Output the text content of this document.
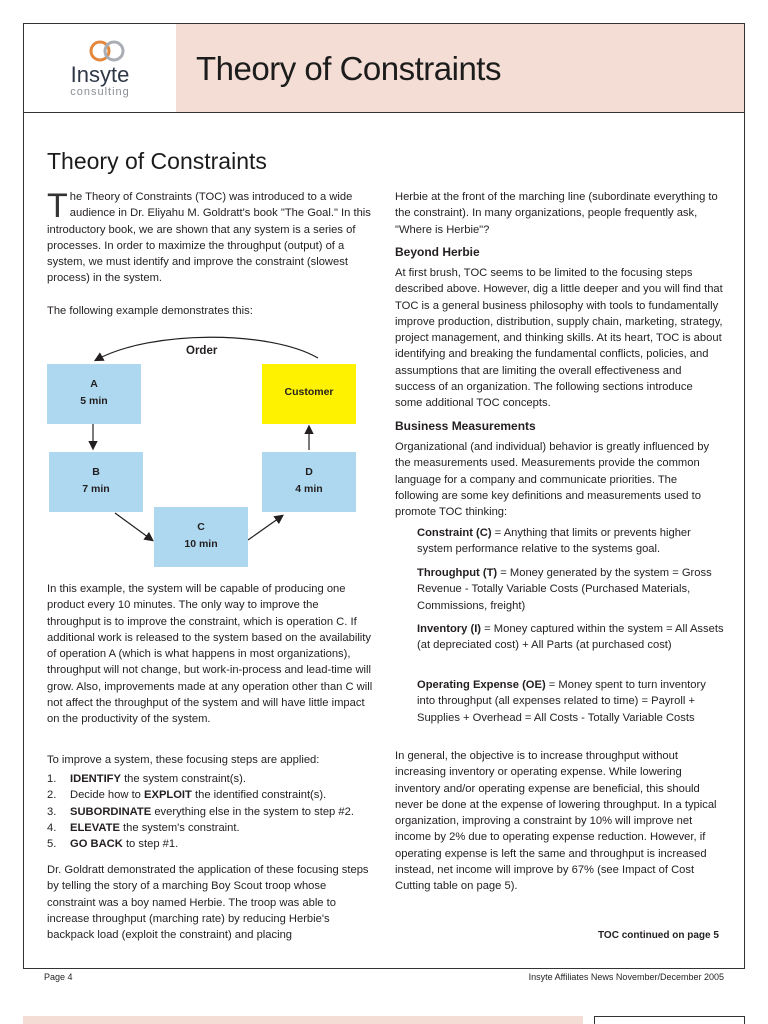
Insyte
consulting
Theory of Constraints
Theory of Constraints

The Theory of Constraints (TOC) was introduced to a wide audience in Dr. Eliyahu M. Goldratt's book "The Goal." In this introductory book, we are shown that any system is a series of processes. In order to maximize the throughput (output) of a system, we must identify and improve the constraint (slowest process) in the system.

The following example demonstrates this:

Order
A
5 min
Customer
B
7 min
D
4 min
C
10 min

In this example, the system will be capable of producing one product every 10 minutes. The only way to improve the throughput is to improve the constraint, which is operation C. If additional work is released to the system based on the availability of operation A (which is what happens in most organizations), throughput will not change, but work-in-process and lead-time will grow. Also, improvements made at any operation other than C will not affect the throughput of the system and will have little impact on the productivity of the system.

To improve a system, these focusing steps are applied:

1. IDENTIFY the system constraint(s).
2. Decide how to EXPLOIT the identified constraint(s).
3. SUBORDINATE everything else in the system to step #2.
4. ELEVATE the system's constraint.
5. GO BACK to step #1.

Dr. Goldratt demonstrated the application of these focusing steps by telling the story of a marching Boy Scout troop whose constraint was a boy named Herbie. The troop was able to increase throughput (marching rate) by reducing Herbie's backpack load (exploit the constraint) and placing

Herbie at the front of the marching line (subordinate everything to the constraint). In many organizations, people frequently ask, "Where is Herbie"?

Beyond Herbie

At first brush, TOC seems to be limited to the focusing steps described above. However, dig a little deeper and you will find that TOC is a general business philosophy with tools to fundamentally improve production, distribution, supply chain, marketing, strategy, project management, and thinking skills. At its heart, TOC is about identifying and breaking the fundamental conflicts, policies, and assumptions that are limiting the overall effectiveness and success of an organization. The following sections introduce some additional TOC concepts.

Business Measurements

Organizational (and individual) behavior is greatly influenced by the measurements used. Measurements provide the common language for a company and communicate priorities. The following are some key definitions and measurements used to promote TOC thinking:

Constraint (C) = Anything that limits or prevents higher system performance relative to the systems goal.

Throughput (T) = Money generated by the system = Gross Revenue - Totally Variable Costs (Purchased Materials, Commissions, freight)

Inventory (I) = Money captured within the system = All Assets (at depreciated cost) + All Parts (at purchased cost)

Operating Expense (OE) = Money spent to turn inventory into throughput (all expenses related to time) = Payroll + Supplies + Overhead = All Costs - Totally Variable Costs

In general, the objective is to increase throughput without increasing inventory or operating expense. While lowering inventory and/or operating expense are beneficial, this should never be done at the expense of lowering throughput. In a typical organization, improving a constraint by 10% will improve net income by 2% due to operating expense reduction. However, if operating expense is left the same and throughput is increased instead, net income will improve by 67% (see Impact of Cost Cutting table on page 5).

TOC continued on page 5
Page 4	Insyte Affiliates News November/December 2005
